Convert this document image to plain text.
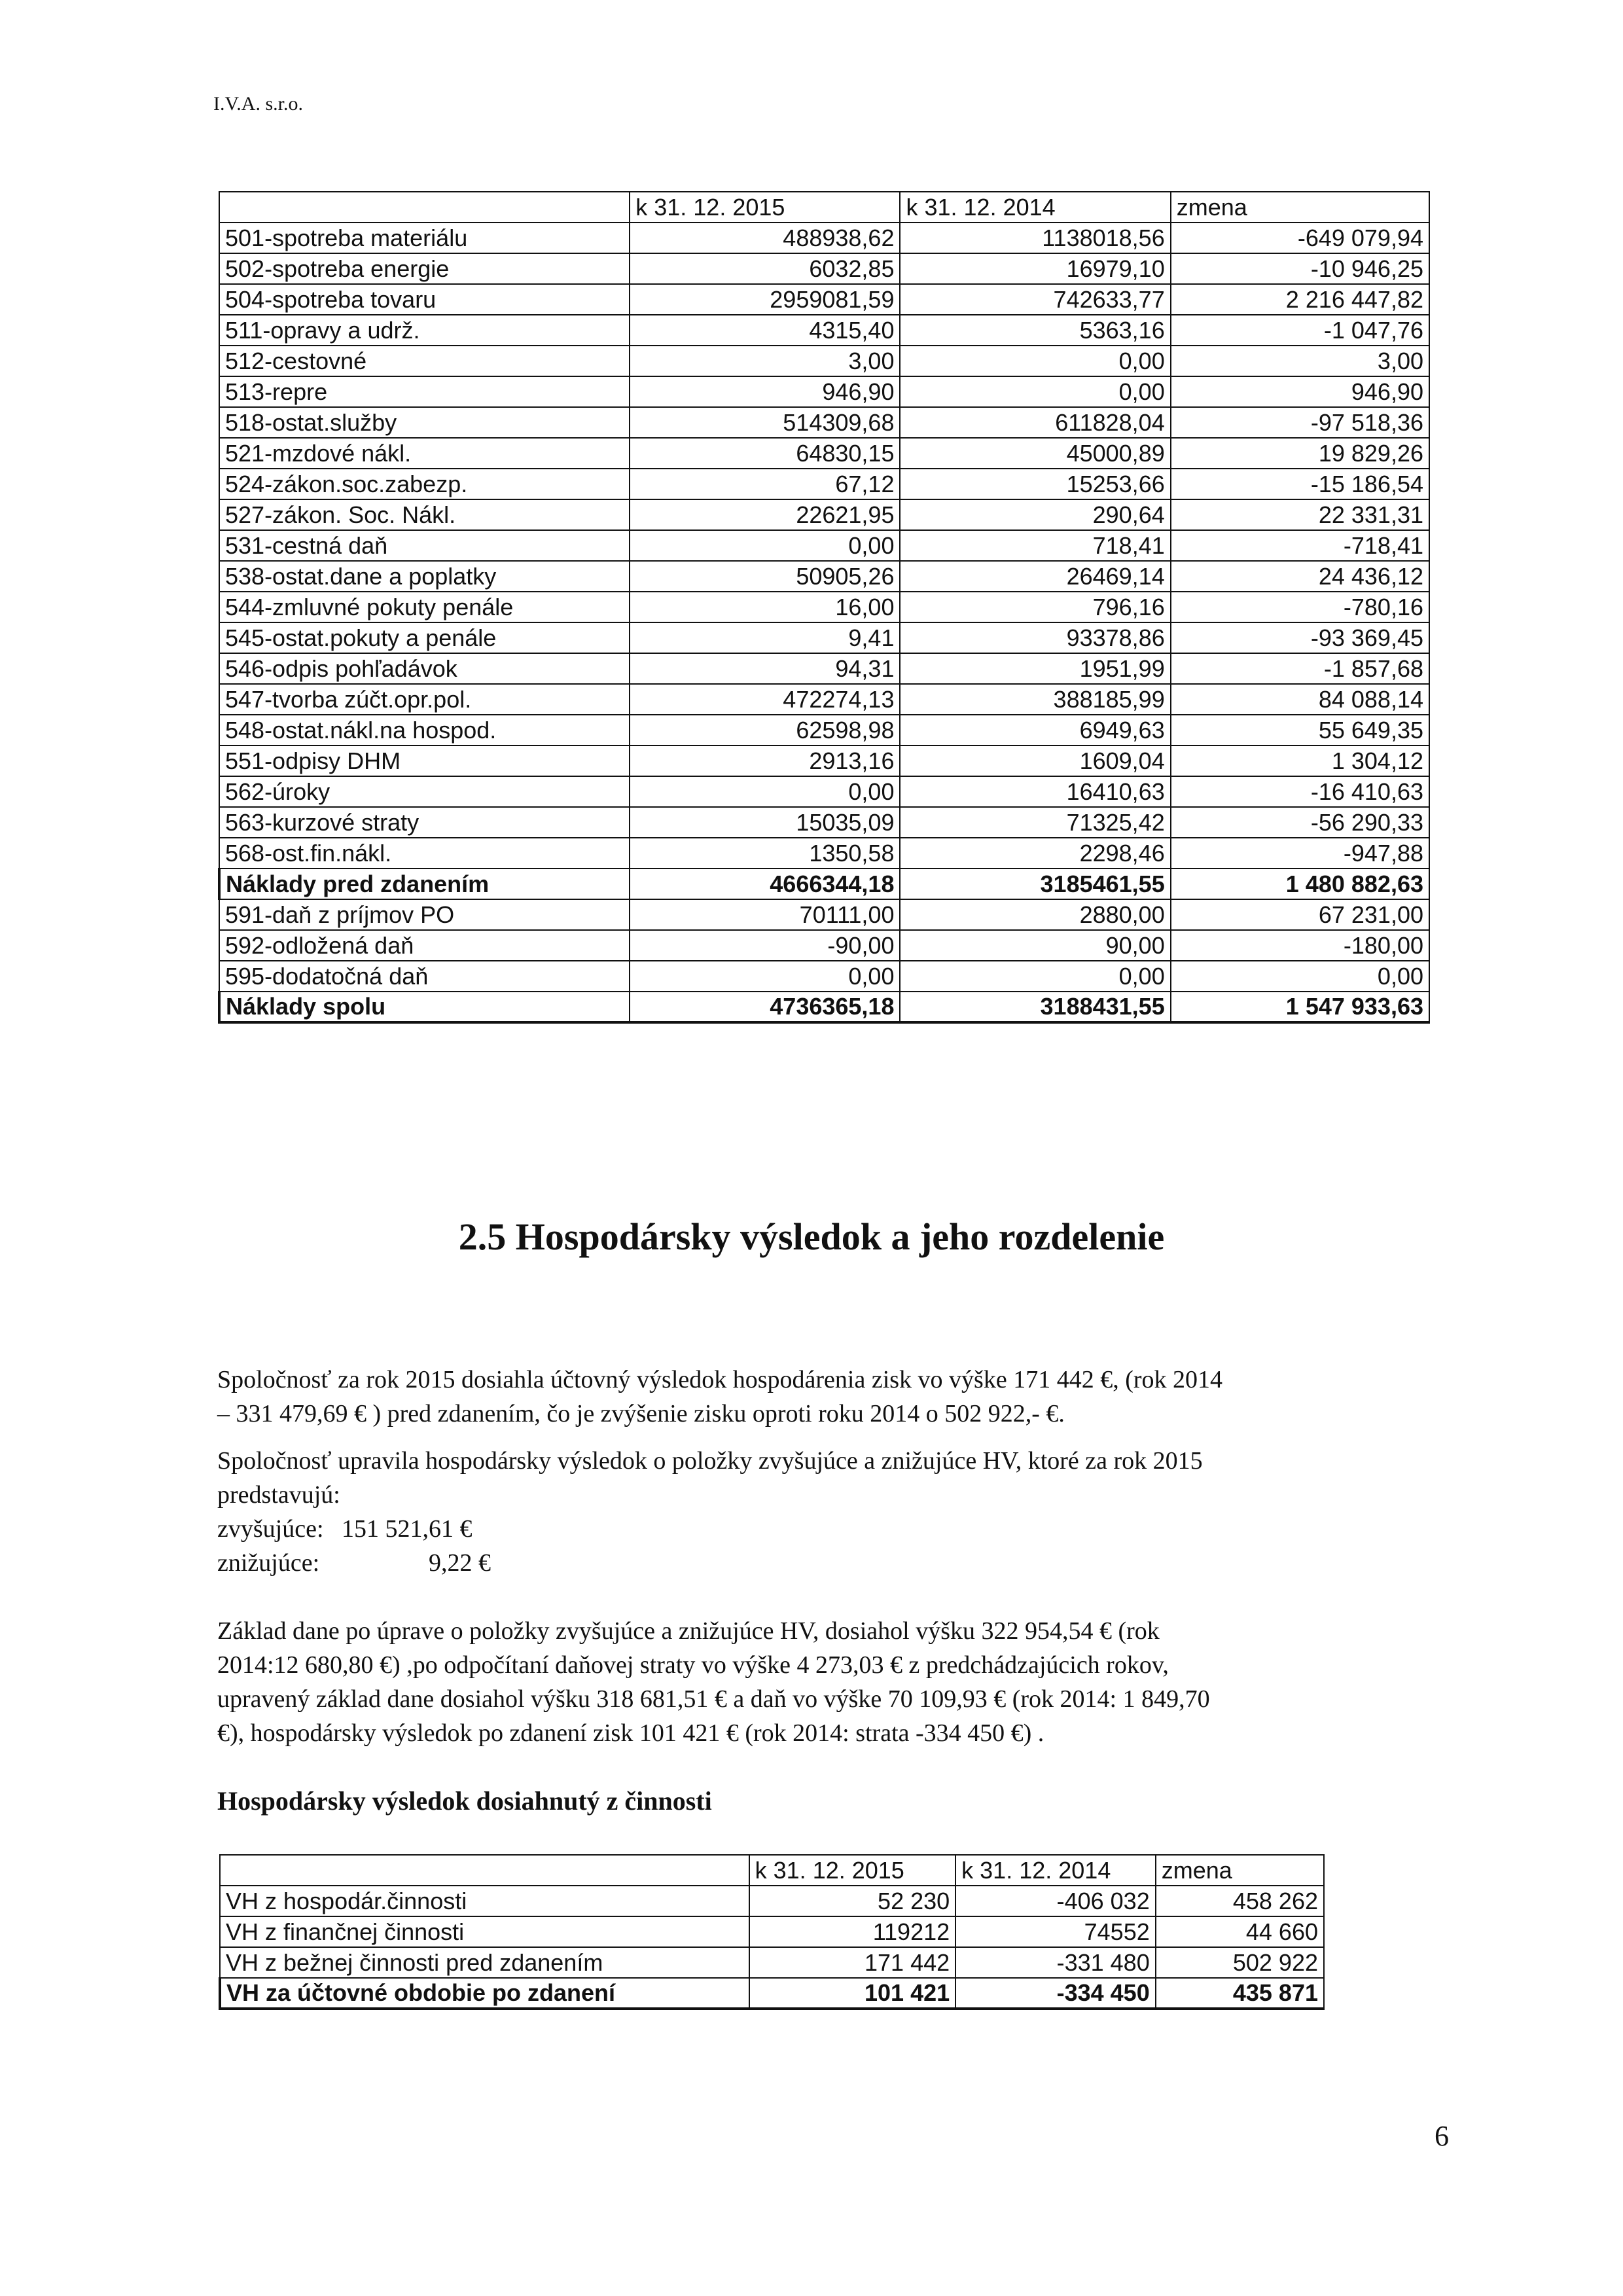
I.V.A. s.r.o.
	k 31. 12. 2015	k 31. 12. 2014	zmena
501-spotreba materiálu	488938,62	1138018,56	-649 079,94
502-spotreba energie	6032,85	16979,10	-10 946,25
504-spotreba tovaru	2959081,59	742633,77	2 216 447,82
511-opravy a udrž.	4315,40	5363,16	-1 047,76
512-cestovné	3,00	0,00	3,00
513-repre	946,90	0,00	946,90
518-ostat.služby	514309,68	611828,04	-97 518,36
521-mzdové nákl.	64830,15	45000,89	19 829,26
524-zákon.soc.zabezp.	67,12	15253,66	-15 186,54
527-zákon. Soc. Nákl.	22621,95	290,64	22 331,31
531-cestná daň	0,00	718,41	-718,41
538-ostat.dane a poplatky	50905,26	26469,14	24 436,12
544-zmluvné pokuty penále	16,00	796,16	-780,16
545-ostat.pokuty a penále	9,41	93378,86	-93 369,45
546-odpis pohľadávok	94,31	1951,99	-1 857,68
547-tvorba zúčt.opr.pol.	472274,13	388185,99	84 088,14
548-ostat.nákl.na hospod.	62598,98	6949,63	55 649,35
551-odpisy DHM	2913,16	1609,04	1 304,12
562-úroky	0,00	16410,63	-16 410,63
563-kurzové straty	15035,09	71325,42	-56 290,33
568-ost.fin.nákl.	1350,58	2298,46	-947,88
Náklady pred zdanením	4666344,18	3185461,55	1 480 882,63
591-daň z príjmov PO	70111,00	2880,00	67 231,00
592-odložená daň	-90,00	90,00	-180,00
595-dodatočná daň	0,00	0,00	0,00
Náklady spolu	4736365,18	3188431,55	1 547 933,63
2.5 Hospodársky výsledok a jeho rozdelenie
Spoločnosť za rok 2015 dosiahla účtovný výsledok hospodárenia zisk vo výške 171 442 €, (rok 2014
– 331 479,69 € ) pred zdanením, čo je zvýšenie zisku oproti roku 2014 o 502 922,- €.
Spoločnosť upravila hospodársky výsledok o položky zvyšujúce a znižujúce HV, ktoré za rok 2015
predstavujú:
zvyšujúce: 151 521,61 €
znižujúce:	9,22 €
Základ dane po úprave o položky zvyšujúce a znižujúce HV, dosiahol výšku 322 954,54 € (rok
2014:12 680,80 €) ,po odpočítaní daňovej straty vo výške 4 273,03 € z predchádzajúcich rokov,
upravený základ dane dosiahol výšku 318 681,51 € a daň vo výške 70 109,93 € (rok 2014: 1 849,70
€), hospodársky výsledok po zdanení zisk 101 421 € (rok 2014: strata -334 450 €) .
Hospodársky výsledok dosiahnutý z činnosti
	k 31. 12. 2015	k 31. 12. 2014	zmena
VH z hospodár.činnosti	52 230	-406 032	458 262
VH z finančnej činnosti	119212	74552	44 660
VH z bežnej činnosti pred zdanením	171 442	-331 480	502 922
VH za účtovné obdobie po zdanení	101 421	-334 450	435 871
6
